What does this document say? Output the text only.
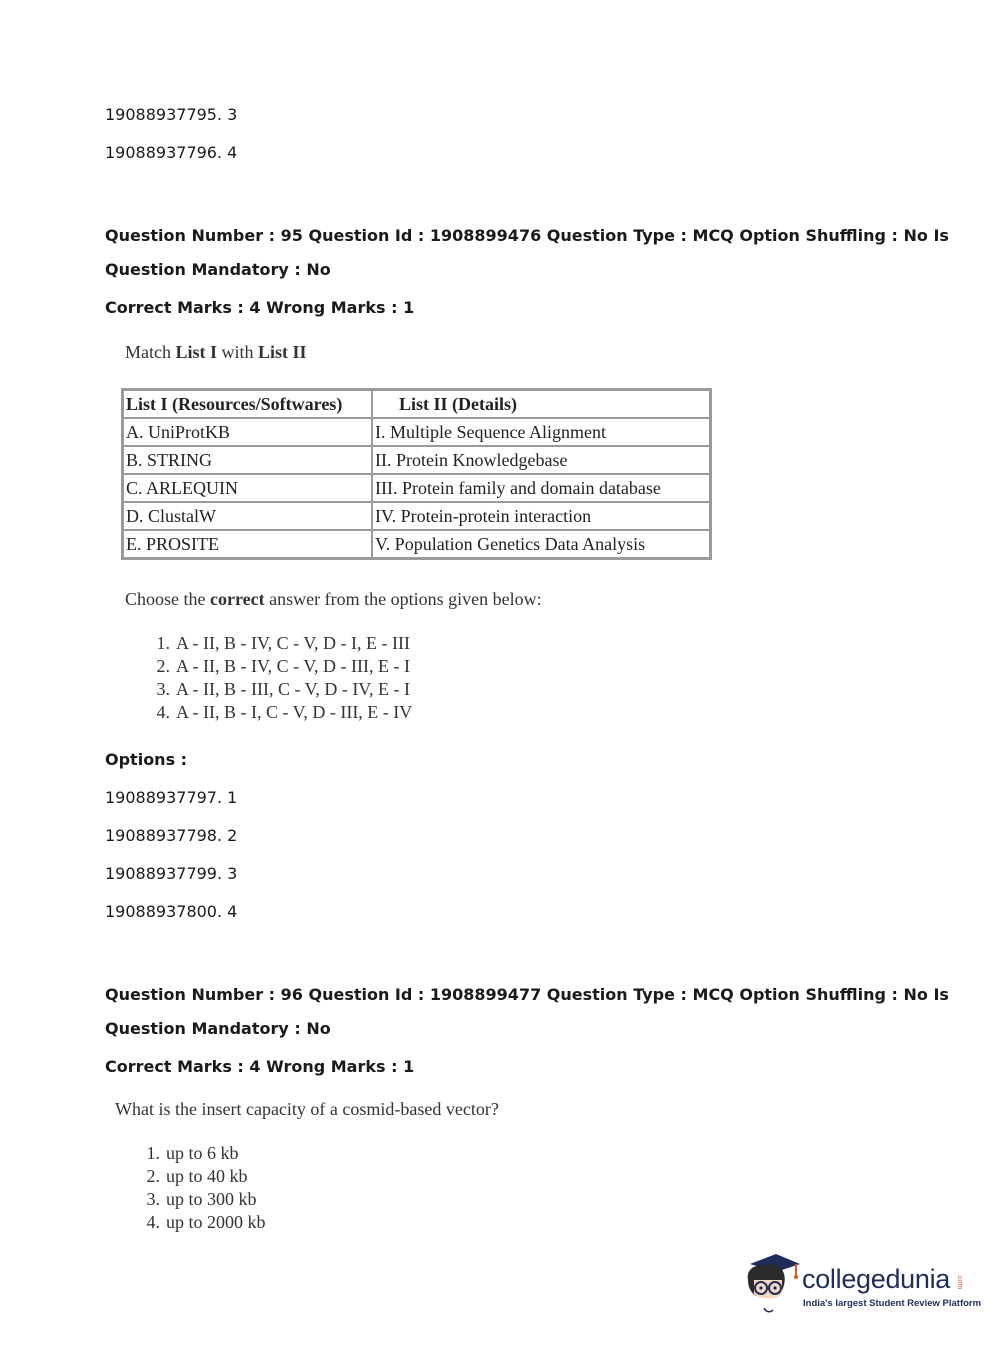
19088937795. 3
19088937796. 4
Question Number : 95 Question Id : 1908899476 Question Type : MCQ Option Shuffling : No Is
Question Mandatory : No
Correct Marks : 4 Wrong Marks : 1
Match List I with List II
List I (Resources/Softwares)	List II (Details)
A. UniProtKB	I. Multiple Sequence Alignment
B. STRING	II. Protein Knowledgebase
C. ARLEQUIN	III. Protein family and domain database
D. ClustalW	IV. Protein-protein interaction
E. PROSITE	V. Population Genetics Data Analysis
Choose the correct answer from the options given below:
1. A - II, B - IV, C - V, D - I, E - III
2. A - II, B - IV, C - V, D - III, E - I
3. A - II, B - III, C - V, D - IV, E - I
4. A - II, B - I, C - V, D - III, E - IV
Options :
19088937797. 1
19088937798. 2
19088937799. 3
19088937800. 4
Question Number : 96 Question Id : 1908899477 Question Type : MCQ Option Shuffling : No Is
Question Mandatory : No
Correct Marks : 4 Wrong Marks : 1
What is the insert capacity of a cosmid-based vector?
1. up to 6 kb
2. up to 40 kb
3. up to 300 kb
4. up to 2000 kb
collegedunia .com
India's largest Student Review Platform
